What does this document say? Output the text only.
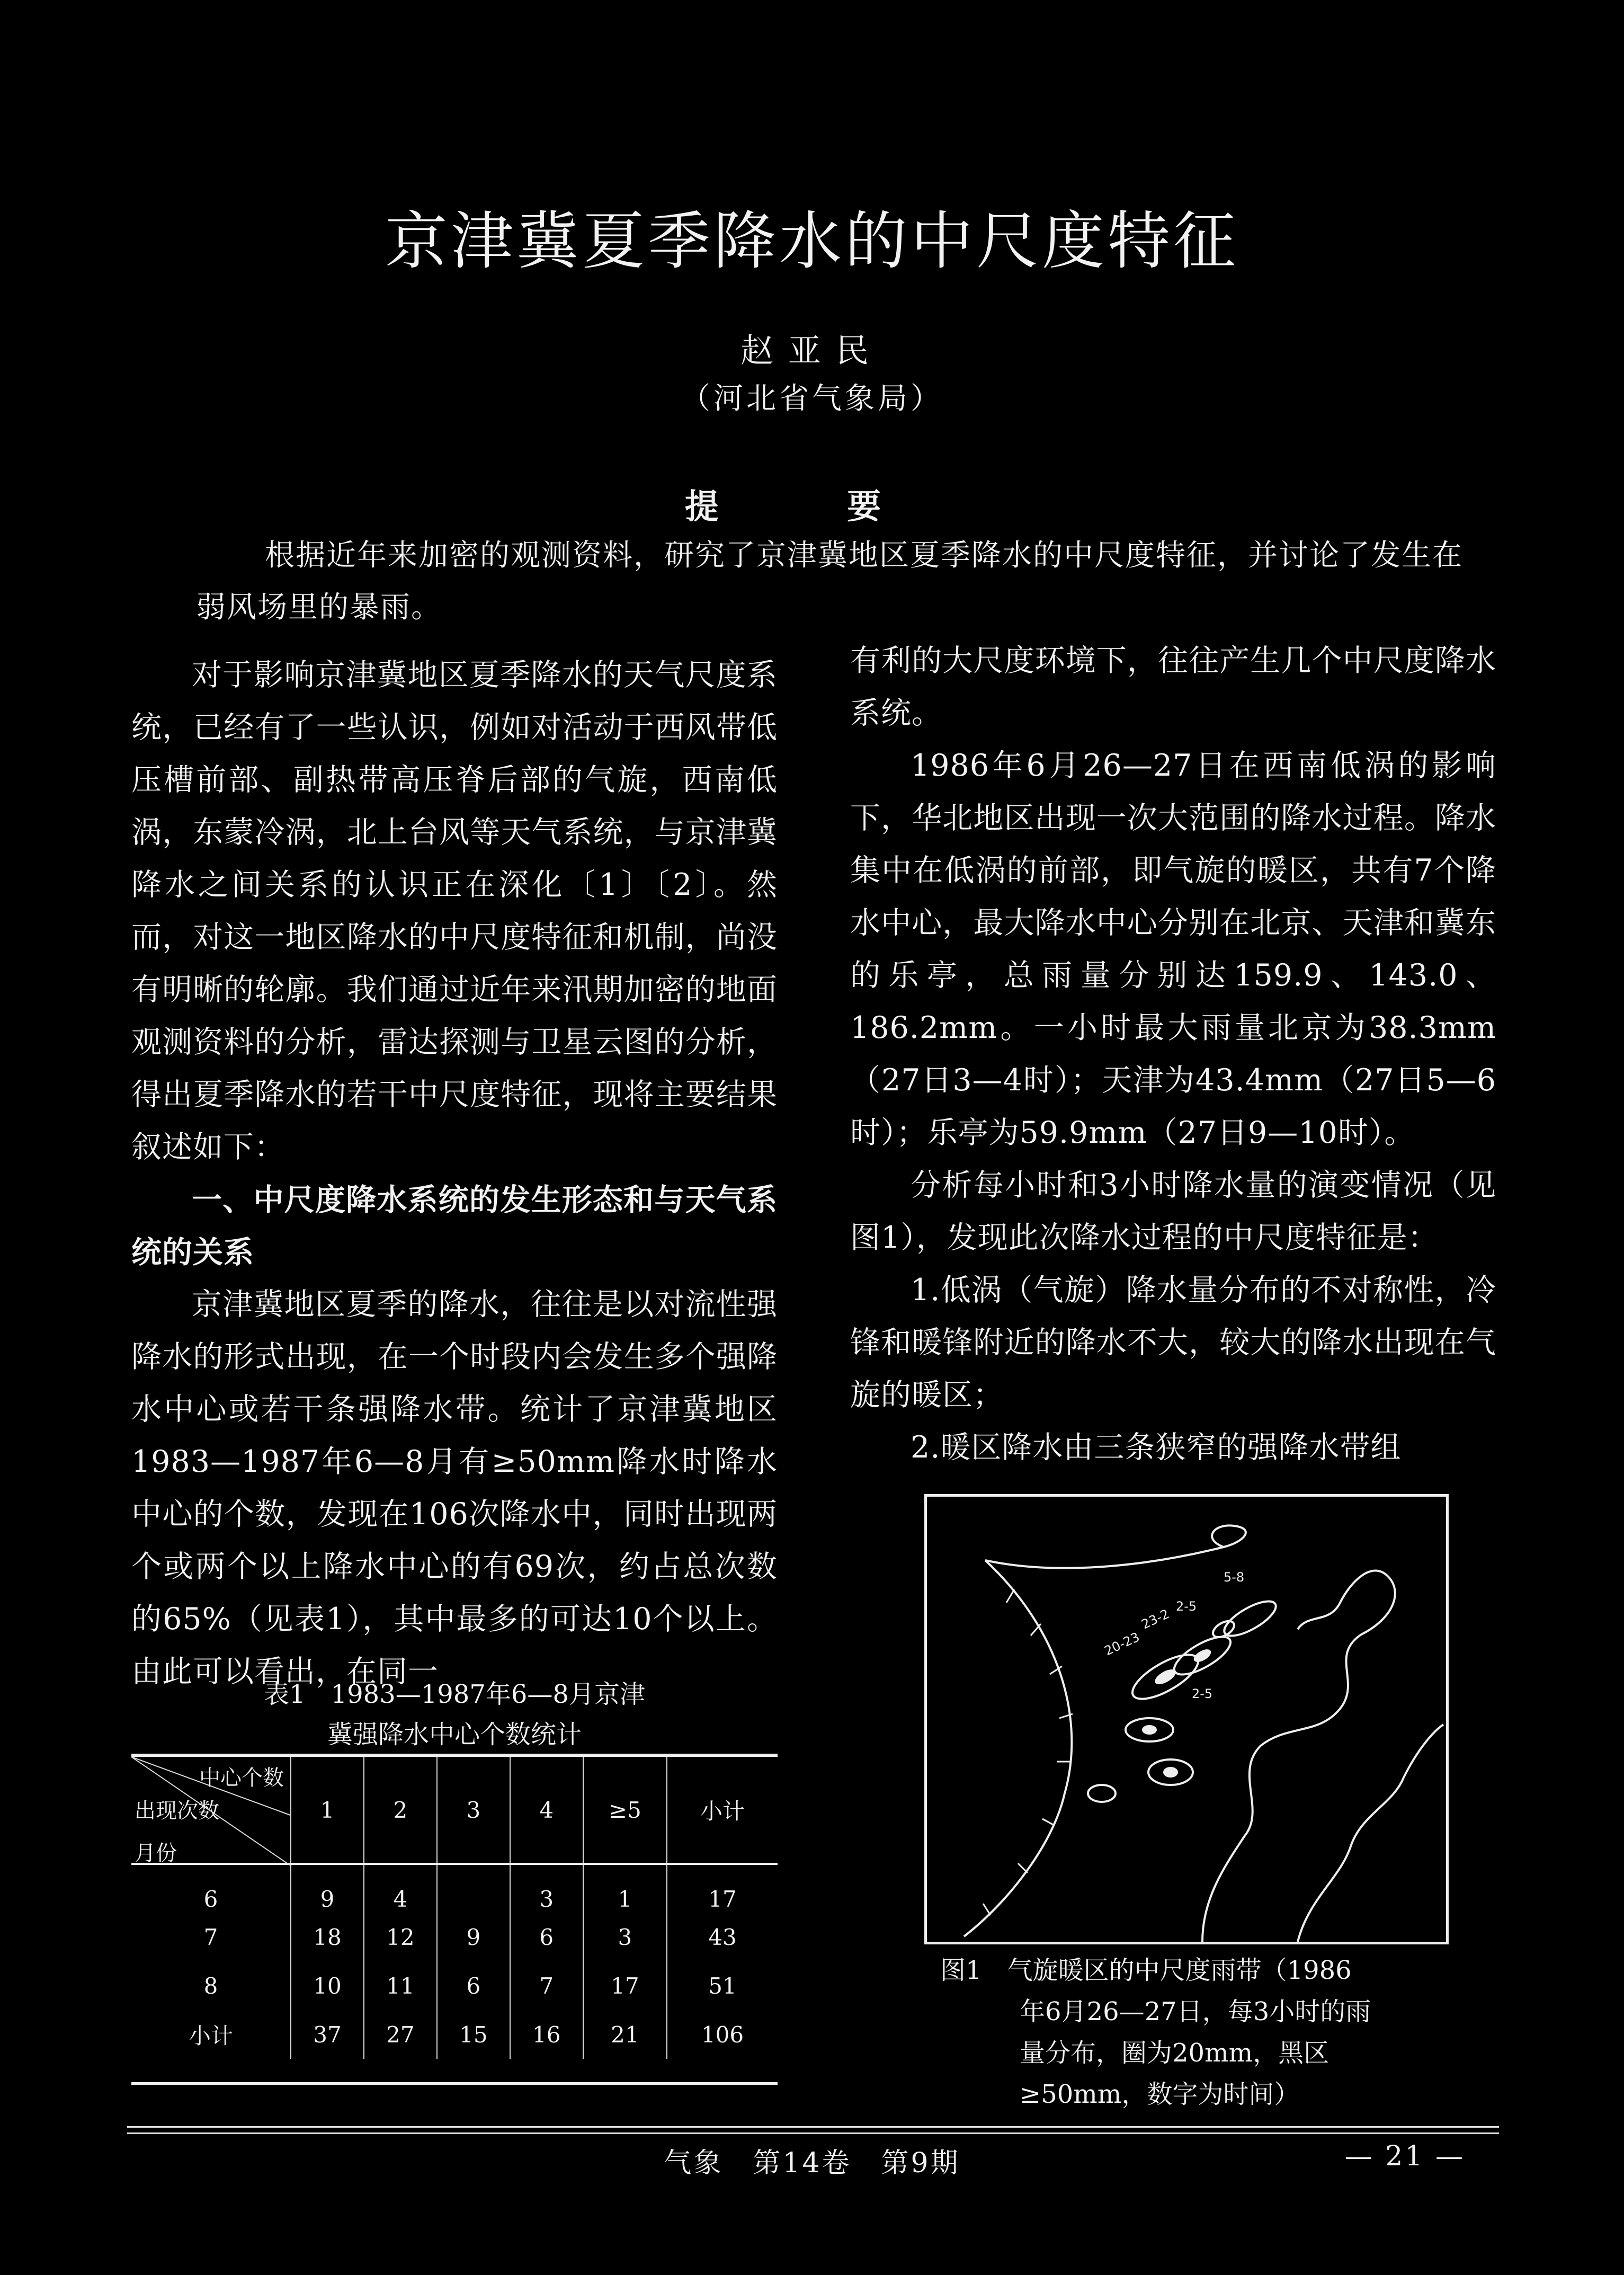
京津冀夏季降水的中尺度特征
赵亚民
（河北省气象局）
提 要
根据近年来加密的观测资料，研究了京津冀地区夏季降水的中尺度特征，并讨论了发生在弱风场里的暴雨。

对于影响京津冀地区夏季降水的天气尺度系统，已经有了一些认识，例如对活动于西风带低压槽前部、副热带高压脊后部的气旋，西南低涡，东蒙冷涡，北上台风等天气系统，与京津冀降水之间关系的认识正在深化〔1〕〔2〕。然而，对这一地区降水的中尺度特征和机制，尚没有明晰的轮廓。我们通过近年来汛期加密的地面观测资料的分析，雷达探测与卫星云图的分析，得出夏季降水的若干中尺度特征，现将主要结果叙述如下：

一、中尺度降水系统的发生形态和与天气系统的关系

京津冀地区夏季的降水，往往是以对流性强降水的形式出现，在一个时段内会发生多个强降水中心或若干条强降水带。统计了京津冀地区1983—1987年6—8月有≥50mm降水时降水中心的个数，发现在106次降水中，同时出现两个或两个以上降水中心的有69次，约占总次数的65%（见表1），其中最多的可达10个以上。由此可以看出，在同一

表1　1983—1987年6—8月京津
冀强降水中心个数统计
中心个数
出现次数
月份	1	2	3	4	≥5	小计
6	9	4		3	1	17
7	18	12	9	6	3	43
8	10	11	6	7	17	51
小计	37	27	15	16	21	106

有利的大尺度环境下，往往产生几个中尺度降水系统。

1986年6月26—27日在西南低涡的影响下，华北地区出现一次大范围的降水过程。降水集中在低涡的前部，即气旋的暖区，共有7个降水中心，最大降水中心分别在北京、天津和冀东的乐亭，总雨量分别达159.9、143.0、186.2mm。一小时最大雨量北京为38.3mm（27日3—4时）；天津为43.4mm（27日5—6时）；乐亭为59.9mm（27日9—10时）。

分析每小时和3小时降水量的演变情况（见图1），发现此次降水过程的中尺度特征是：

1.低涡（气旋）降水量分布的不对称性，冷锋和暖锋附近的降水不大，较大的降水出现在气旋的暖区；

2.暖区降水由三条狭窄的强降水带组

5-8
2-5
23-2
20-23
2-5
图1　 气旋暖区的中尺度雨带（1986
年6月26—27日，每3小时的雨
量分布，圈为20mm，黑区
≥50mm，数字为时间）
气象　第14卷　第9期	— 21 —
